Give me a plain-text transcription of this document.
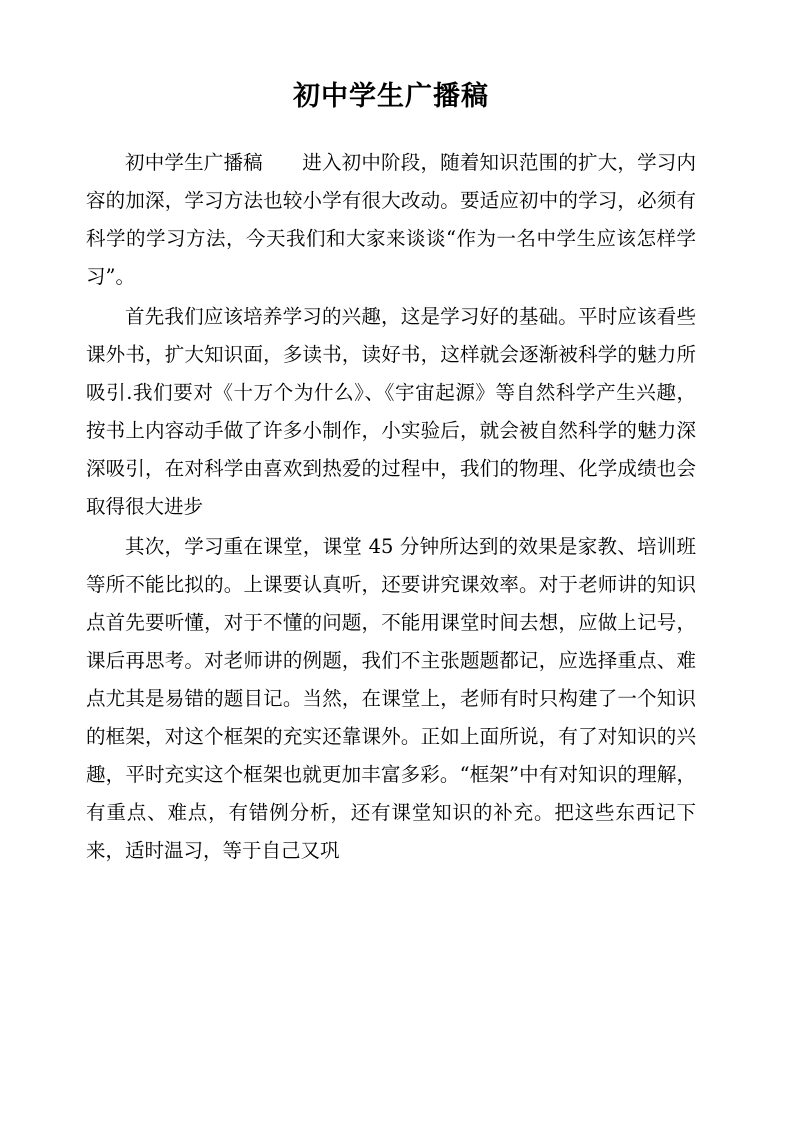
初中学生广播稿

初中学生广播稿　　进入初中阶段，随着知识范围的扩大，学习内容的加深，学习方法也较小学有很大改动。要适应初中的学习，必须有科学的学习方法，今天我们和大家来谈谈“作为一名中学生应该怎样学习”。

首先我们应该培养学习的兴趣，这是学习好的基础。平时应该看些课外书，扩大知识面，多读书，读好书，这样就会逐渐被科学的魅力所吸引.我们要对《十万个为什么》、《宇宙起源》等自然科学产生兴趣，按书上内容动手做了许多小制作，小实验后，就会被自然科学的魅力深深吸引，在对科学由喜欢到热爱的过程中，我们的物理、化学成绩也会取得很大进步

其次，学习重在课堂，课堂 45 分钟所达到的效果是家教、培训班等所不能比拟的。上课要认真听，还要讲究课效率。对于老师讲的知识点首先要听懂，对于不懂的问题，不能用课堂时间去想，应做上记号，课后再思考。对老师讲的例题，我们不主张题题都记，应选择重点、难点尤其是易错的题目记。当然，在课堂上，老师有时只构建了一个知识的框架，对这个框架的充实还靠课外。正如上面所说，有了对知识的兴趣，平时充实这个框架也就更加丰富多彩。“框架”中有对知识的理解，有重点、难点，有错例分析，还有课堂知识的补充。把这些东西记下来，适时温习，等于自己又巩
